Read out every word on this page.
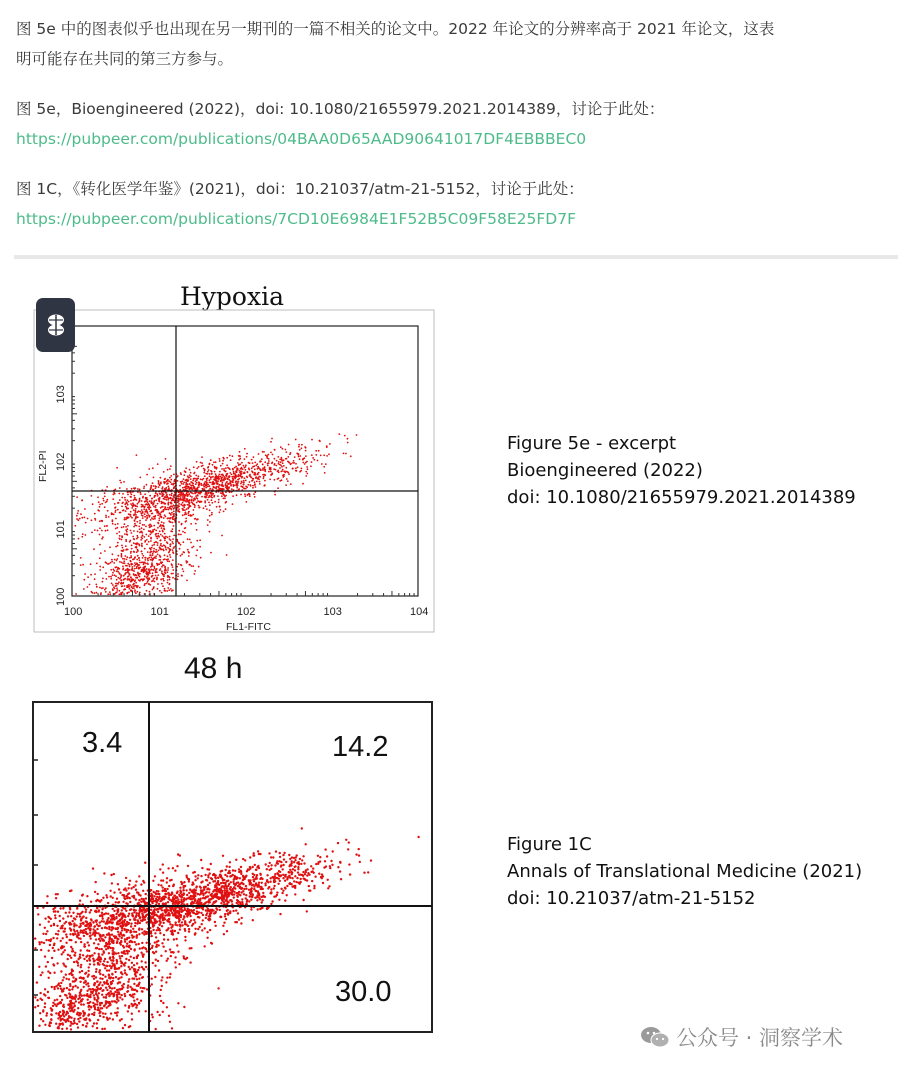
图 5e 中的图表似乎也出现在另一期刊的一篇不相关的论文中。2022 年论文的分辨率高于 2021 年论文，这表
明可能存在共同的第三方参与。
图 5e，Bioengineered (2022)，doi: 10.1080/21655979.2021.2014389，讨论于此处：
https://pubpeer.com/publications/04BAA0D65AAD90641017DF4EBBBEC0
图 1C，《转化医学年鉴》(2021)，doi：10.21037/atm-21-5152，讨论于此处：
https://pubpeer.com/publications/7CD10E6984E1F52B5C09F58E25FD7F
Hypoxia
100	101	102	103	104
100
101
102
103
FL1-FITC
FL2-PI
Figure 5e - excerpt
Bioengineered (2022)
doi: 10.1080/21655979.2021.2014389
48 h
3.4	14.2
30.0
Figure 1C
Annals of Translational Medicine (2021)
doi: 10.21037/atm-21-5152
公众号 · 洞察学术
